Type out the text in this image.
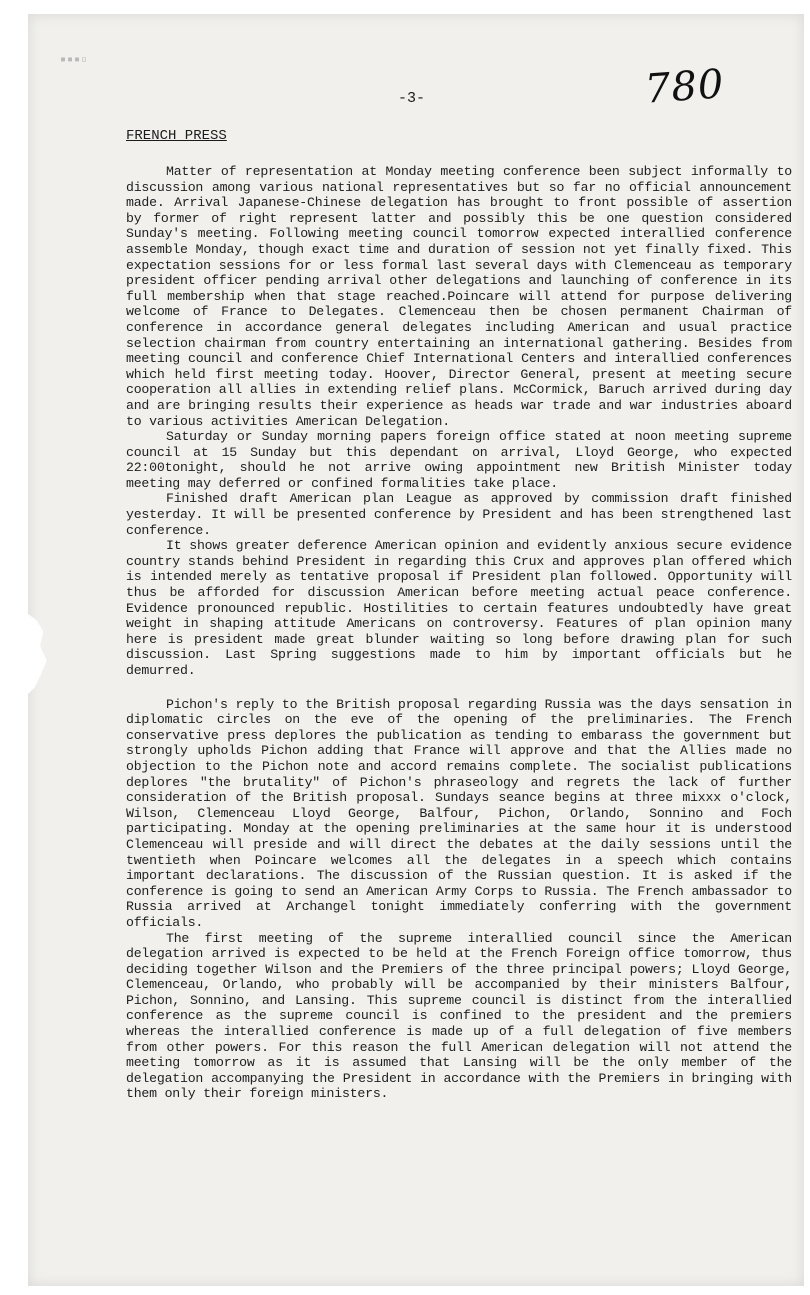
▪▪▪▫
-3-	780
FRENCH PRESS

Matter of representation at Monday meeting conference been subject informally to discussion among various national representatives but so far no official announcement made. Arrival Japanese-Chinese delegation has brought to front possible of assertion by former of right represent latter and possibly this be one question considered Sunday's meeting. Following meeting council tomorrow expected interallied conference assemble Monday, though exact time and duration of session not yet finally fixed. This expectation sessions for or less formal last several days with Clemenceau as temporary president officer pending arrival other delegations and launching of conference in its full membership when that stage reached.Poincare will attend for purpose delivering welcome of France to Delegates. Clemenceau then be chosen permanent Chairman of conference in accordance general delegates including American and usual practice selection chairman from country entertaining an international gathering. Besides from meeting council and conference Chief International Centers and interallied conferences which held first meeting today. Hoover, Director General, present at meeting secure cooperation all allies in extending relief plans. McCormick, Baruch arrived during day and are bringing results their experience as heads war trade and war industries aboard to various activities American Delegation.

Saturday or Sunday morning papers foreign office stated at noon meeting supreme council at 15 Sunday but this dependant on arrival, Lloyd George, who expected 22:00tonight, should he not arrive owing appointment new British Minister today meeting may deferred or confined formalities take place.

Finished draft American plan League as approved by commission draft finished yesterday. It will be presented conference by President and has been strengthened last conference.

It shows greater deference American opinion and evidently anxious secure evidence country stands behind President in regarding this Crux and approves plan offered which is intended merely as tentative proposal if President plan followed. Opportunity will thus be afforded for discussion American before meeting actual peace conference. Evidence pronounced republic. Hostilities to certain features undoubtedly have great weight in shaping attitude Americans on controversy. Features of plan opinion many here is president made great blunder waiting so long before drawing plan for such discussion. Last Spring suggestions made to him by important officials but he demurred.

Pichon's reply to the British proposal regarding Russia was the days sensation in diplomatic circles on the eve of the opening of the preliminaries. The French conservative press deplores the publication as tending to embarass the government but strongly upholds Pichon adding that France will approve and that the Allies made no objection to the Pichon note and accord remains complete. The socialist publications deplores "the brutality" of Pichon's phraseology and regrets the lack of further consideration of the British proposal. Sundays seance begins at three mixxx o'clock, Wilson, Clemenceau Lloyd George, Balfour, Pichon, Orlando, Sonnino and Foch participating. Monday at the opening preliminaries at the same hour it is understood Clemenceau will preside and will direct the debates at the daily sessions until the twentieth when Poincare welcomes all the delegates in a speech which contains important declarations. The discussion of the Russian question. It is asked if the conference is going to send an American Army Corps to Russia. The French ambassador to Russia arrived at Archangel tonight immediately conferring with the government officials.

The first meeting of the supreme interallied council since the American delegation arrived is expected to be held at the French Foreign office tomorrow, thus deciding together Wilson and the Premiers of the three principal powers; Lloyd George, Clemenceau, Orlando, who probably will be accompanied by their ministers Balfour, Pichon, Sonnino, and Lansing. This supreme council is distinct from the interallied conference as the supreme council is confined to the president and the premiers whereas the interallied conference is made up of a full delegation of five members from other powers. For this reason the full American delegation will not attend the meeting tomorrow as it is assumed that Lansing will be the only member of the delegation accompanying the President in accordance with the Premiers in bringing with them only their foreign ministers.
